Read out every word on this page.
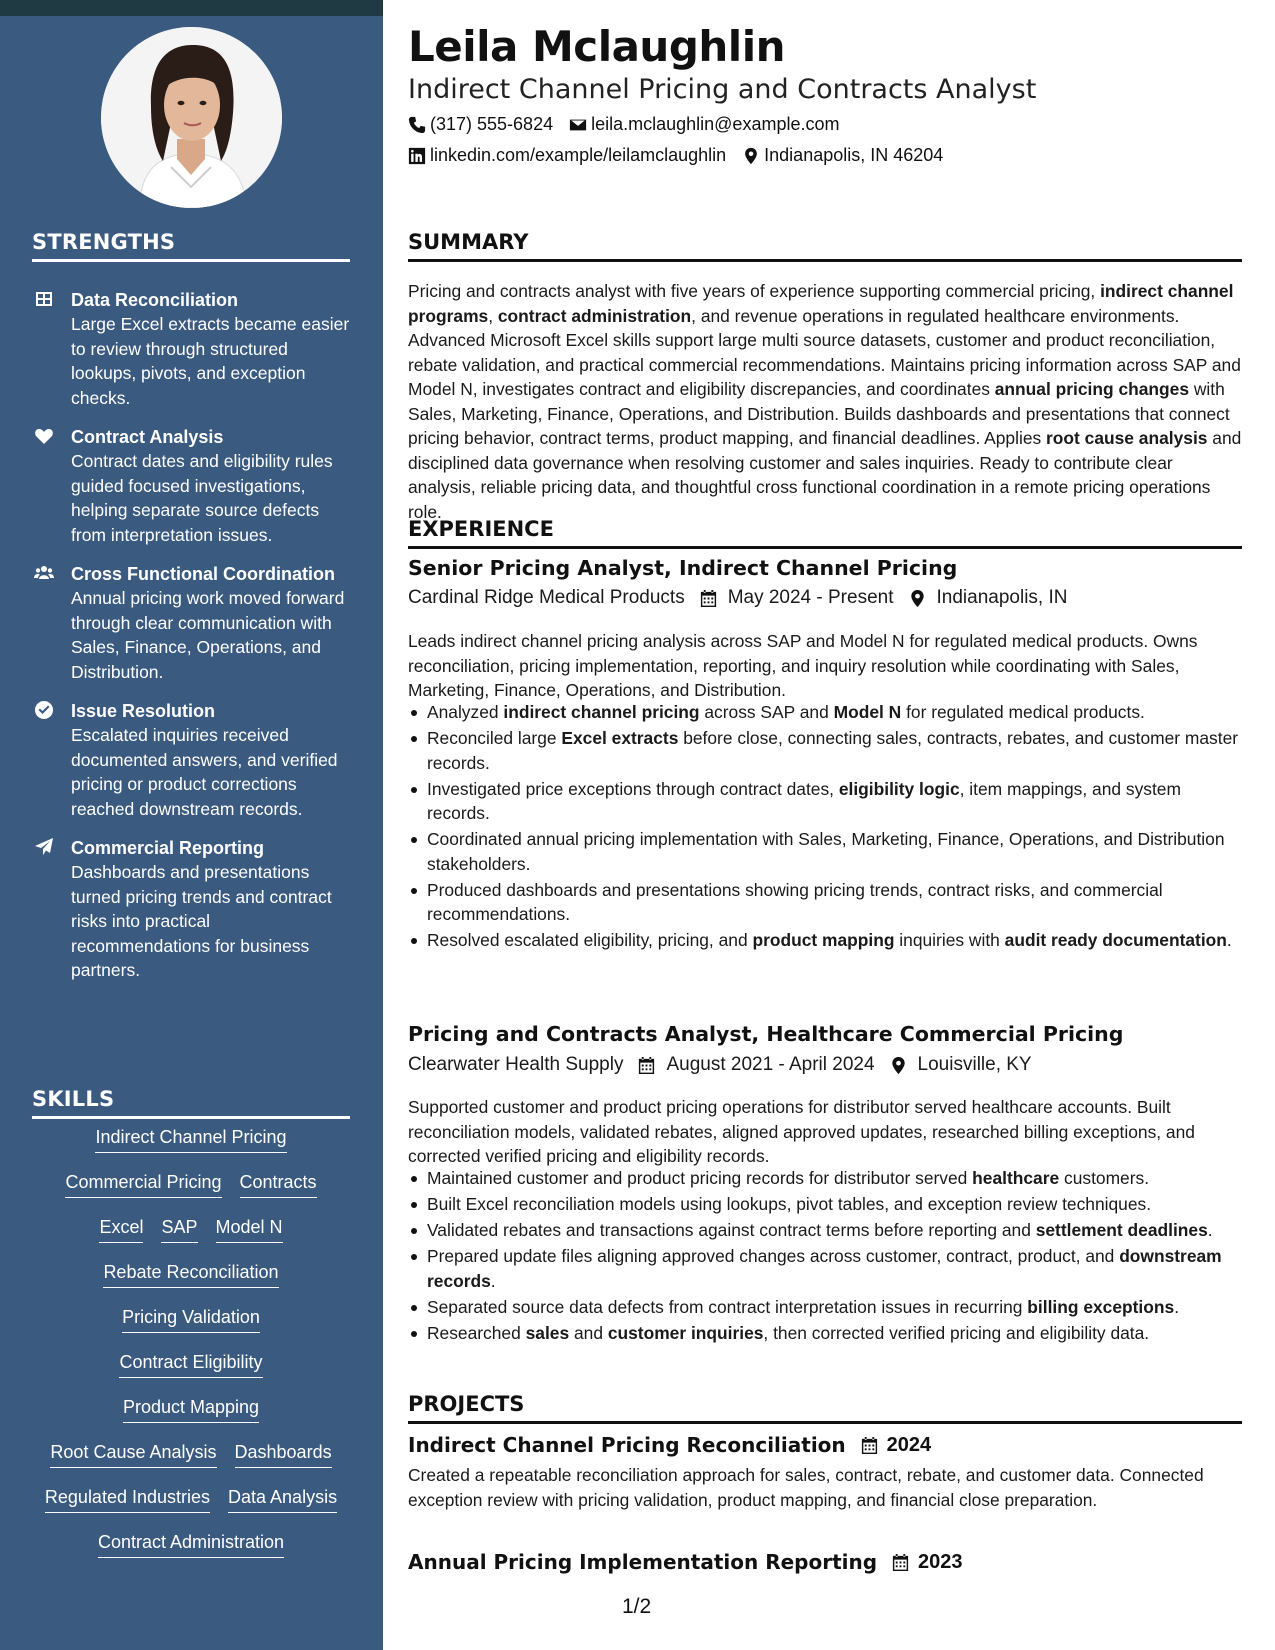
STRENGTHS
Data Reconciliation
Large Excel extracts became easier to review through structured lookups, pivots, and exception checks.
Contract Analysis
Contract dates and eligibility rules guided focused investigations, helping separate source defects from interpretation issues.
Cross Functional Coordination
Annual pricing work moved forward through clear communication with Sales, Finance, Operations, and Distribution.
Issue Resolution
Escalated inquiries received documented answers, and verified pricing or product corrections reached downstream records.
Commercial Reporting
Dashboards and presentations turned pricing trends and contract risks into practical recommendations for business partners.
SKILLS
Indirect Channel Pricing
Commercial Pricing Contracts
Excel SAP Model N
Rebate Reconciliation
Pricing Validation
Contract Eligibility
Product Mapping
Root Cause Analysis Dashboards
Regulated Industries Data Analysis
Contract Administration
Leila Mclaughlin
Indirect Channel Pricing and Contracts Analyst
(317) 555-6824 leila.mclaughlin@example.com
linkedin.com/example/leilamclaughlin Indianapolis, IN 46204
SUMMARY
Pricing and contracts analyst with five years of experience supporting commercial pricing, indirect channel programs, contract administration, and revenue operations in regulated healthcare environments. Advanced Microsoft Excel skills support large multi source datasets, customer and product reconciliation, rebate validation, and practical commercial recommendations. Maintains pricing information across SAP and Model N, investigates contract and eligibility discrepancies, and coordinates annual pricing changes with Sales, Marketing, Finance, Operations, and Distribution. Builds dashboards and presentations that connect pricing behavior, contract terms, product mapping, and financial deadlines. Applies root cause analysis and disciplined data governance when resolving customer and sales inquiries. Ready to contribute clear analysis, reliable pricing data, and thoughtful cross functional coordination in a remote pricing operations role.
EXPERIENCE
Senior Pricing Analyst, Indirect Channel Pricing
Cardinal Ridge Medical Products May 2024 - Present Indianapolis, IN
Leads indirect channel pricing analysis across SAP and Model N for regulated medical products. Owns reconciliation, pricing implementation, reporting, and inquiry resolution while coordinating with Sales, Marketing, Finance, Operations, and Distribution.
Analyzed indirect channel pricing across SAP and Model N for regulated medical products.
Reconciled large Excel extracts before close, connecting sales, contracts, rebates, and customer master records.
Investigated price exceptions through contract dates, eligibility logic, item mappings, and system records.
Coordinated annual pricing implementation with Sales, Marketing, Finance, Operations, and Distribution stakeholders.
Produced dashboards and presentations showing pricing trends, contract risks, and commercial recommendations.
Resolved escalated eligibility, pricing, and product mapping inquiries with audit ready documentation.
Pricing and Contracts Analyst, Healthcare Commercial Pricing
Clearwater Health Supply August 2021 - April 2024 Louisville, KY
Supported customer and product pricing operations for distributor served healthcare accounts. Built reconciliation models, validated rebates, aligned approved updates, researched billing exceptions, and corrected verified pricing and eligibility records.
Maintained customer and product pricing records for distributor served healthcare customers.
Built Excel reconciliation models using lookups, pivot tables, and exception review techniques.
Validated rebates and transactions against contract terms before reporting and settlement deadlines.
Prepared update files aligning approved changes across customer, contract, product, and downstream records.
Separated source data defects from contract interpretation issues in recurring billing exceptions.
Researched sales and customer inquiries, then corrected verified pricing and eligibility data.
PROJECTS
Indirect Channel Pricing Reconciliation 2024
Created a repeatable reconciliation approach for sales, contract, rebate, and customer data. Connected exception review with pricing validation, product mapping, and financial close preparation.
Annual Pricing Implementation Reporting 2023
1/2
